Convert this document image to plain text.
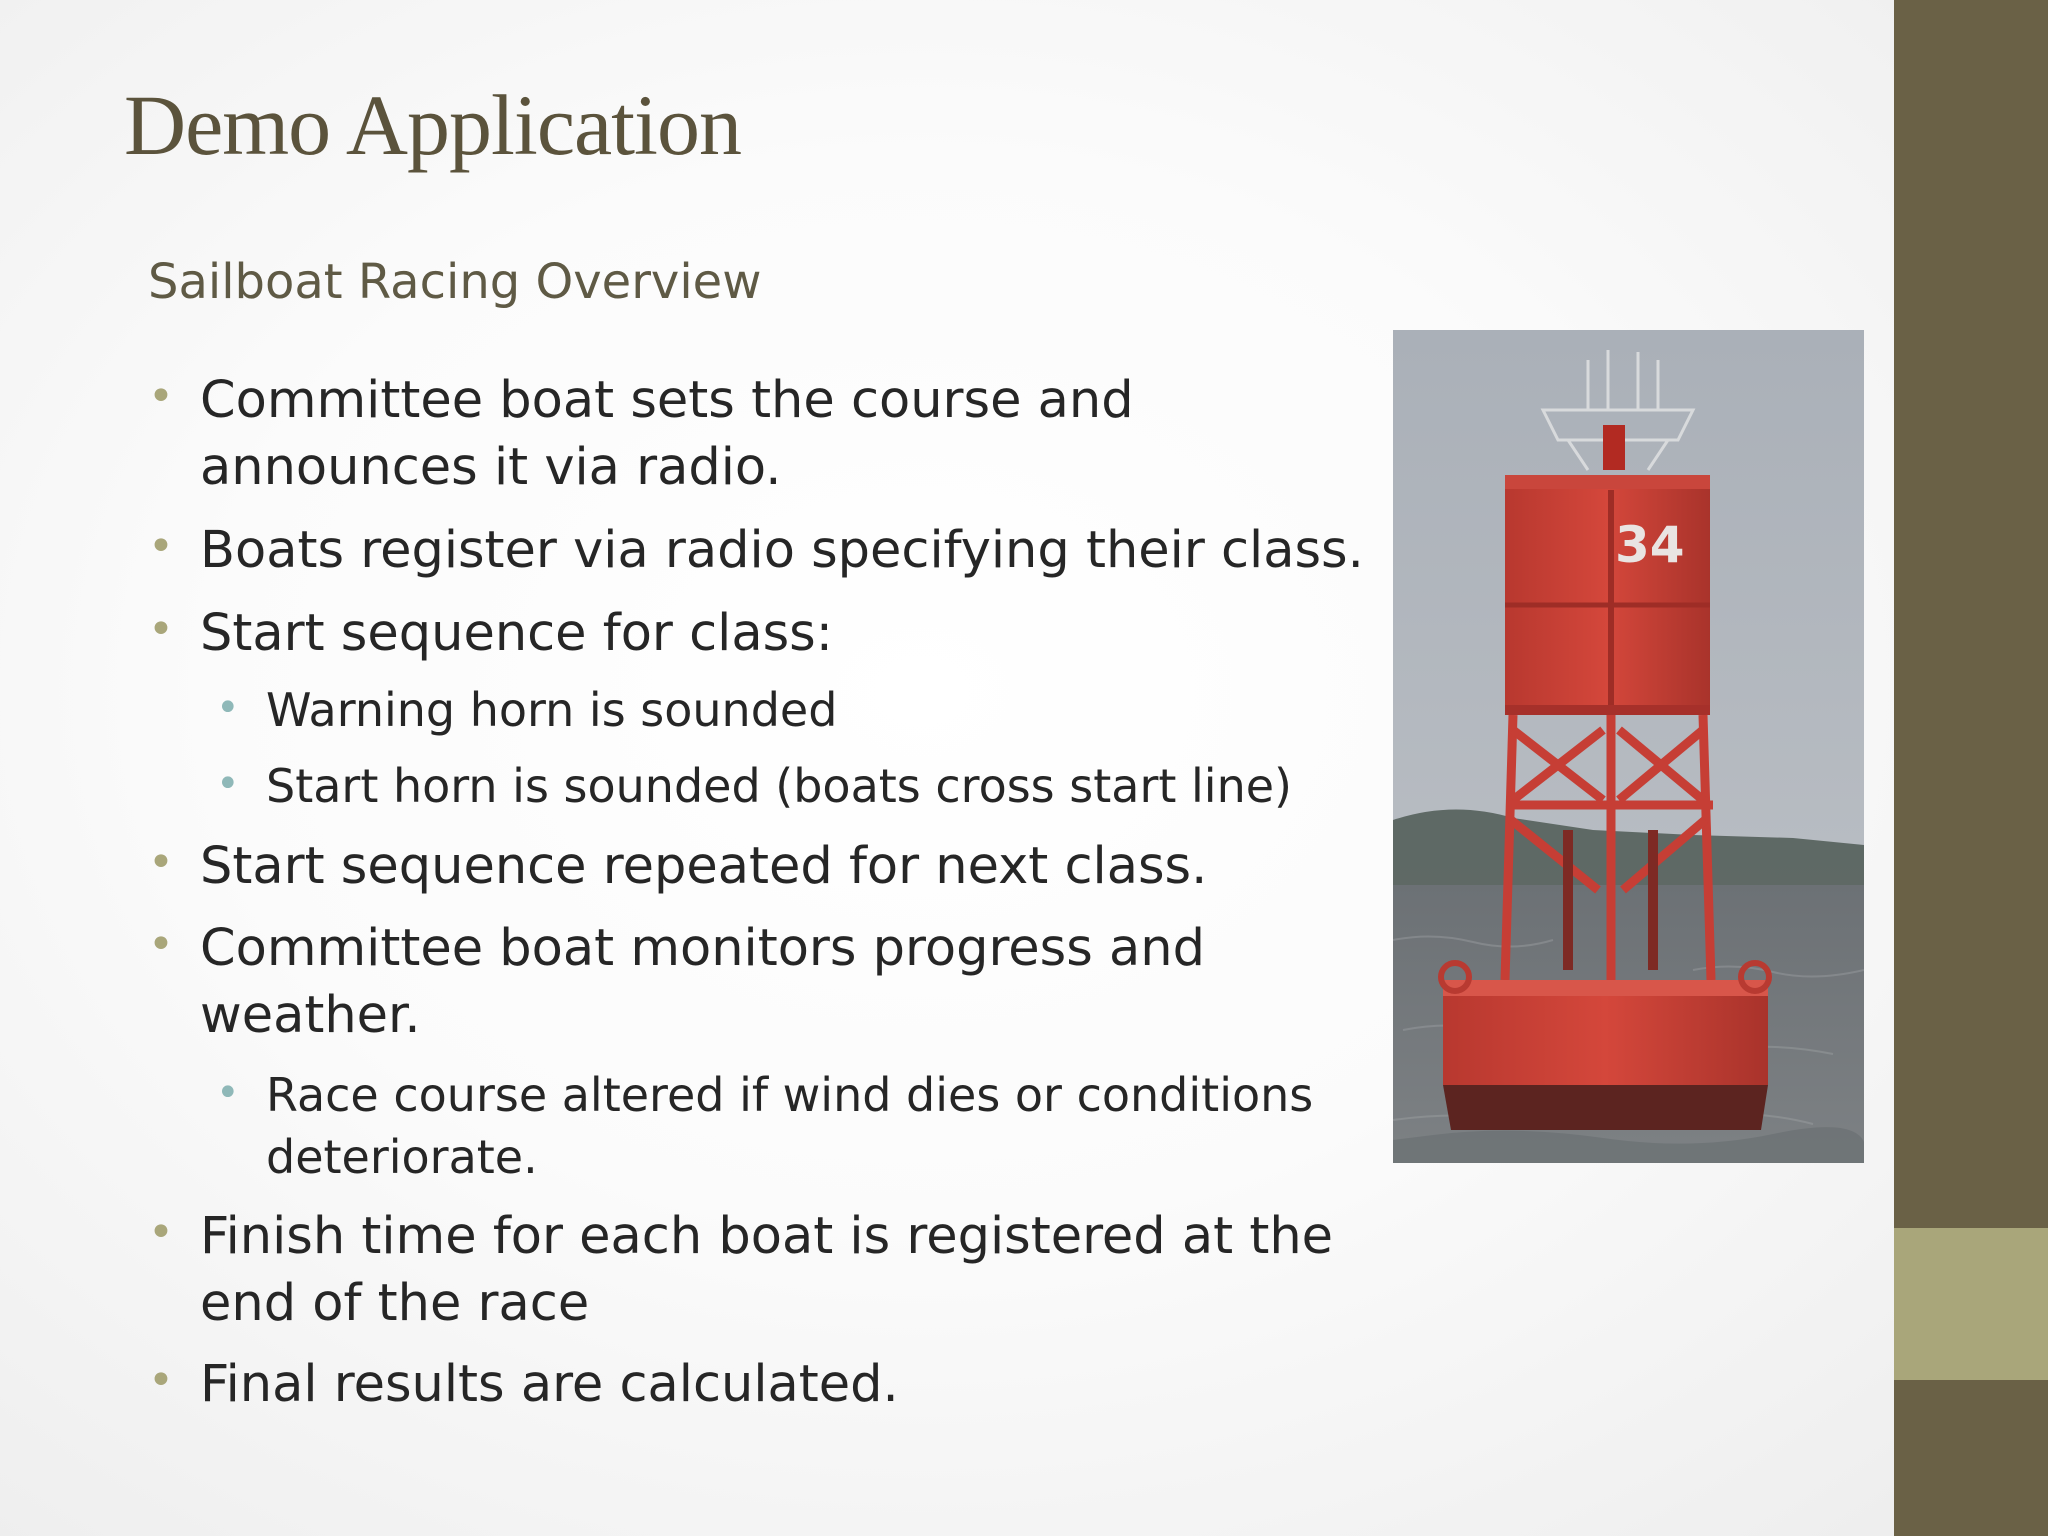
Demo Application
Sailboat Racing Overview
• Committee boat sets the course and announces it via radio.
• Boats register via radio specifying their class.
• Start sequence for class:
• Warning horn is sounded
• Start horn is sounded (boats cross start line)
• Start sequence repeated for next class.
• Committee boat monitors progress and weather.
• Race course altered if wind dies or conditions deteriorate.
• Finish time for each boat is registered at the end of the race
• Final results are calculated.
34
